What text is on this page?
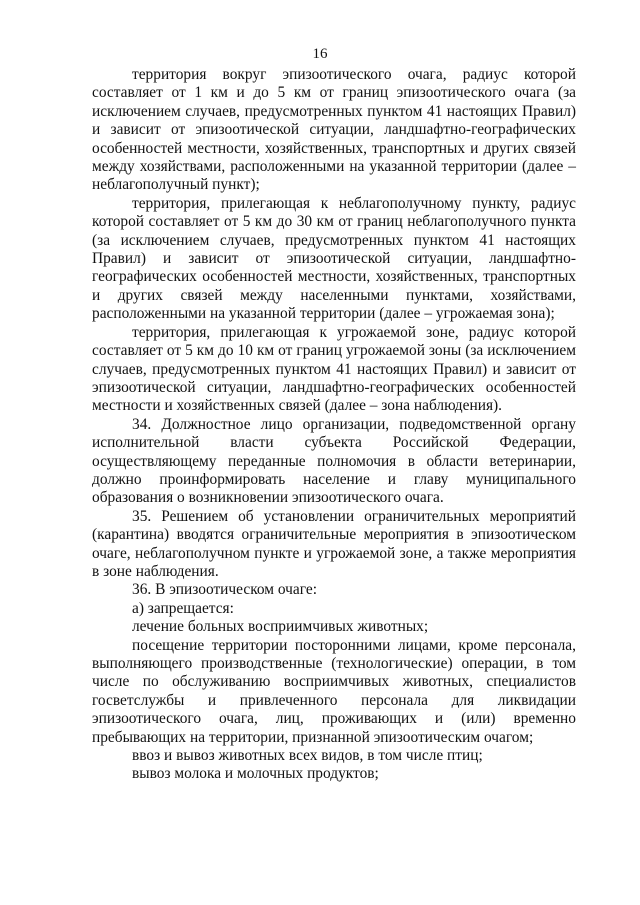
16

территория вокруг эпизоотического очага, радиус которой составляет от 1 км и до 5 км от границ эпизоотического очага (за исключением случаев, предусмотренных пунктом 41 настоящих Правил) и зависит от эпизоотической ситуации, ландшафтно-географических особенностей местности, хозяйственных, транспортных и других связей между хозяйствами, расположенными на указанной территории (далее – неблагополучный пункт);

территория, прилегающая к неблагополучному пункту, радиус которой составляет от 5 км до 30 км от границ неблагополучного пункта (за исключением случаев, предусмотренных пунктом 41 настоящих Правил) и зависит от эпизоотической ситуации, ландшафтно-географических особенностей местности, хозяйственных, транспортных и других связей между населенными пунктами, хозяйствами, расположенными на указанной территории (далее – угрожаемая зона);

территория, прилегающая к угрожаемой зоне, радиус которой составляет от 5 км до 10 км от границ угрожаемой зоны (за исключением случаев, предусмотренных пунктом 41 настоящих Правил) и зависит от эпизоотической ситуации, ландшафтно-географических особенностей местности и хозяйственных связей (далее – зона наблюдения).

34. Должностное лицо организации, подведомственной органу исполнительной власти субъекта Российской Федерации, осуществляющему переданные полномочия в области ветеринарии, должно проинформировать население и главу муниципального образования о возникновении эпизоотического очага.

35. Решением об установлении ограничительных мероприятий (карантина) вводятся ограничительные мероприятия в эпизоотическом очаге, неблагополучном пункте и угрожаемой зоне, а также мероприятия в зоне наблюдения.

36. В эпизоотическом очаге:

а) запрещается:

лечение больных восприимчивых животных;

посещение территории посторонними лицами, кроме персонала, выполняющего производственные (технологические) операции, в том числе по обслуживанию восприимчивых животных, специалистов госветслужбы и привлеченного персонала для ликвидации эпизоотического очага, лиц, проживающих и (или) временно пребывающих на территории, признанной эпизоотическим очагом;

ввоз и вывоз животных всех видов, в том числе птиц;

вывоз молока и молочных продуктов;
